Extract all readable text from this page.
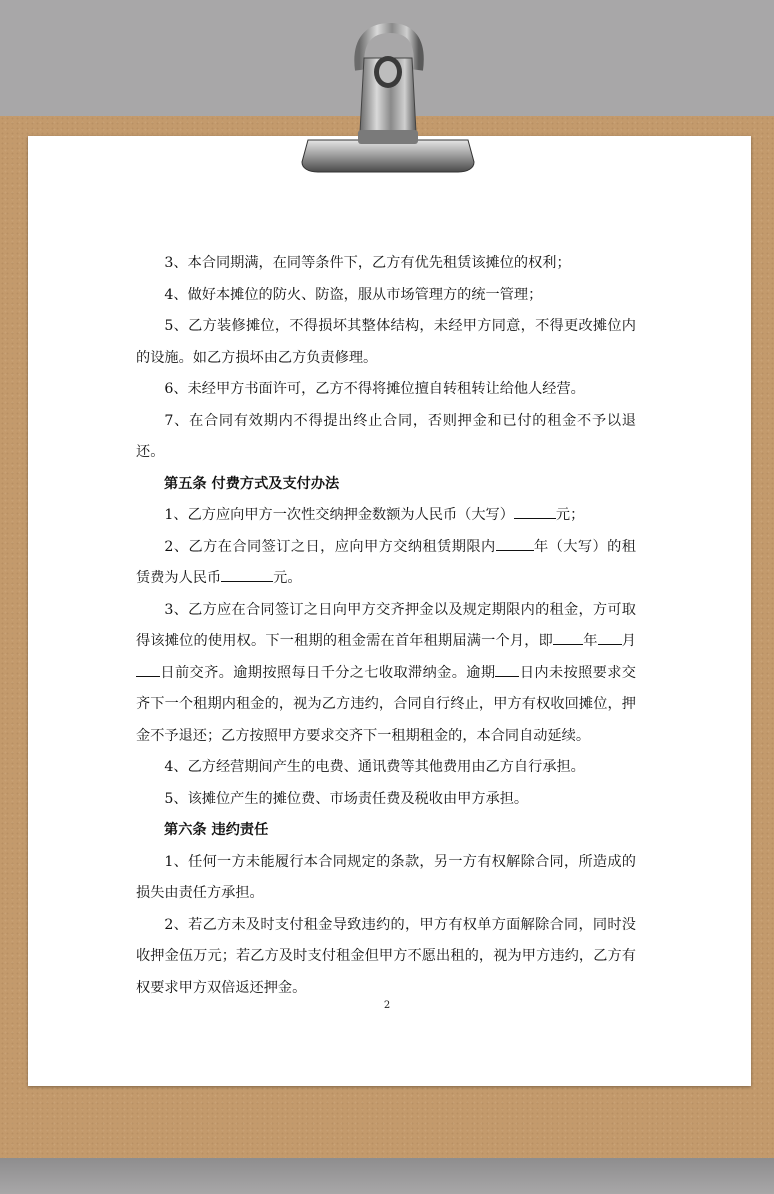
3、本合同期满，在同等条件下，乙方有优先租赁该摊位的权利；

4、做好本摊位的防火、防盗，服从市场管理方的统一管理；

5、乙方装修摊位，不得损坏其整体结构，未经甲方同意，不得更改摊位内的设施。如乙方损坏由乙方负责修理。

6、未经甲方书面许可，乙方不得将摊位擅自转租转让给他人经营。

7、在合同有效期内不得提出终止合同，否则押金和已付的租金不予以退还。

第五条 付费方式及支付办法

1、乙方应向甲方一次性交纳押金数额为人民币（大写）	元；

2、乙方在合同签订之日，应向甲方交纳租赁期限内	年（大写）的租赁费为人民币	元。

3、乙方应在合同签订之日向甲方交齐押金以及规定期限内的租金，方可取得该摊位的使用权。下一租期的租金需在首年租期届满一个月，即 年 月日前交齐。逾期按照每日千分之七收取滞纳金。逾期 日内未按照要求交齐下一个租期内租金的，视为乙方违约，合同自行终止，甲方有权收回摊位，押金不予退还；乙方按照甲方要求交齐下一租期租金的，本合同自动延续。

4、乙方经营期间产生的电费、通讯费等其他费用由乙方自行承担。

5、该摊位产生的摊位费、市场责任费及税收由甲方承担。

第六条 违约责任

1、任何一方未能履行本合同规定的条款，另一方有权解除合同，所造成的损失由责任方承担。

2、若乙方未及时支付租金导致违约的，甲方有权单方面解除合同，同时没收押金伍万元；若乙方及时支付租金但甲方不愿出租的，视为甲方违约，乙方有权要求甲方双倍返还押金。

2
